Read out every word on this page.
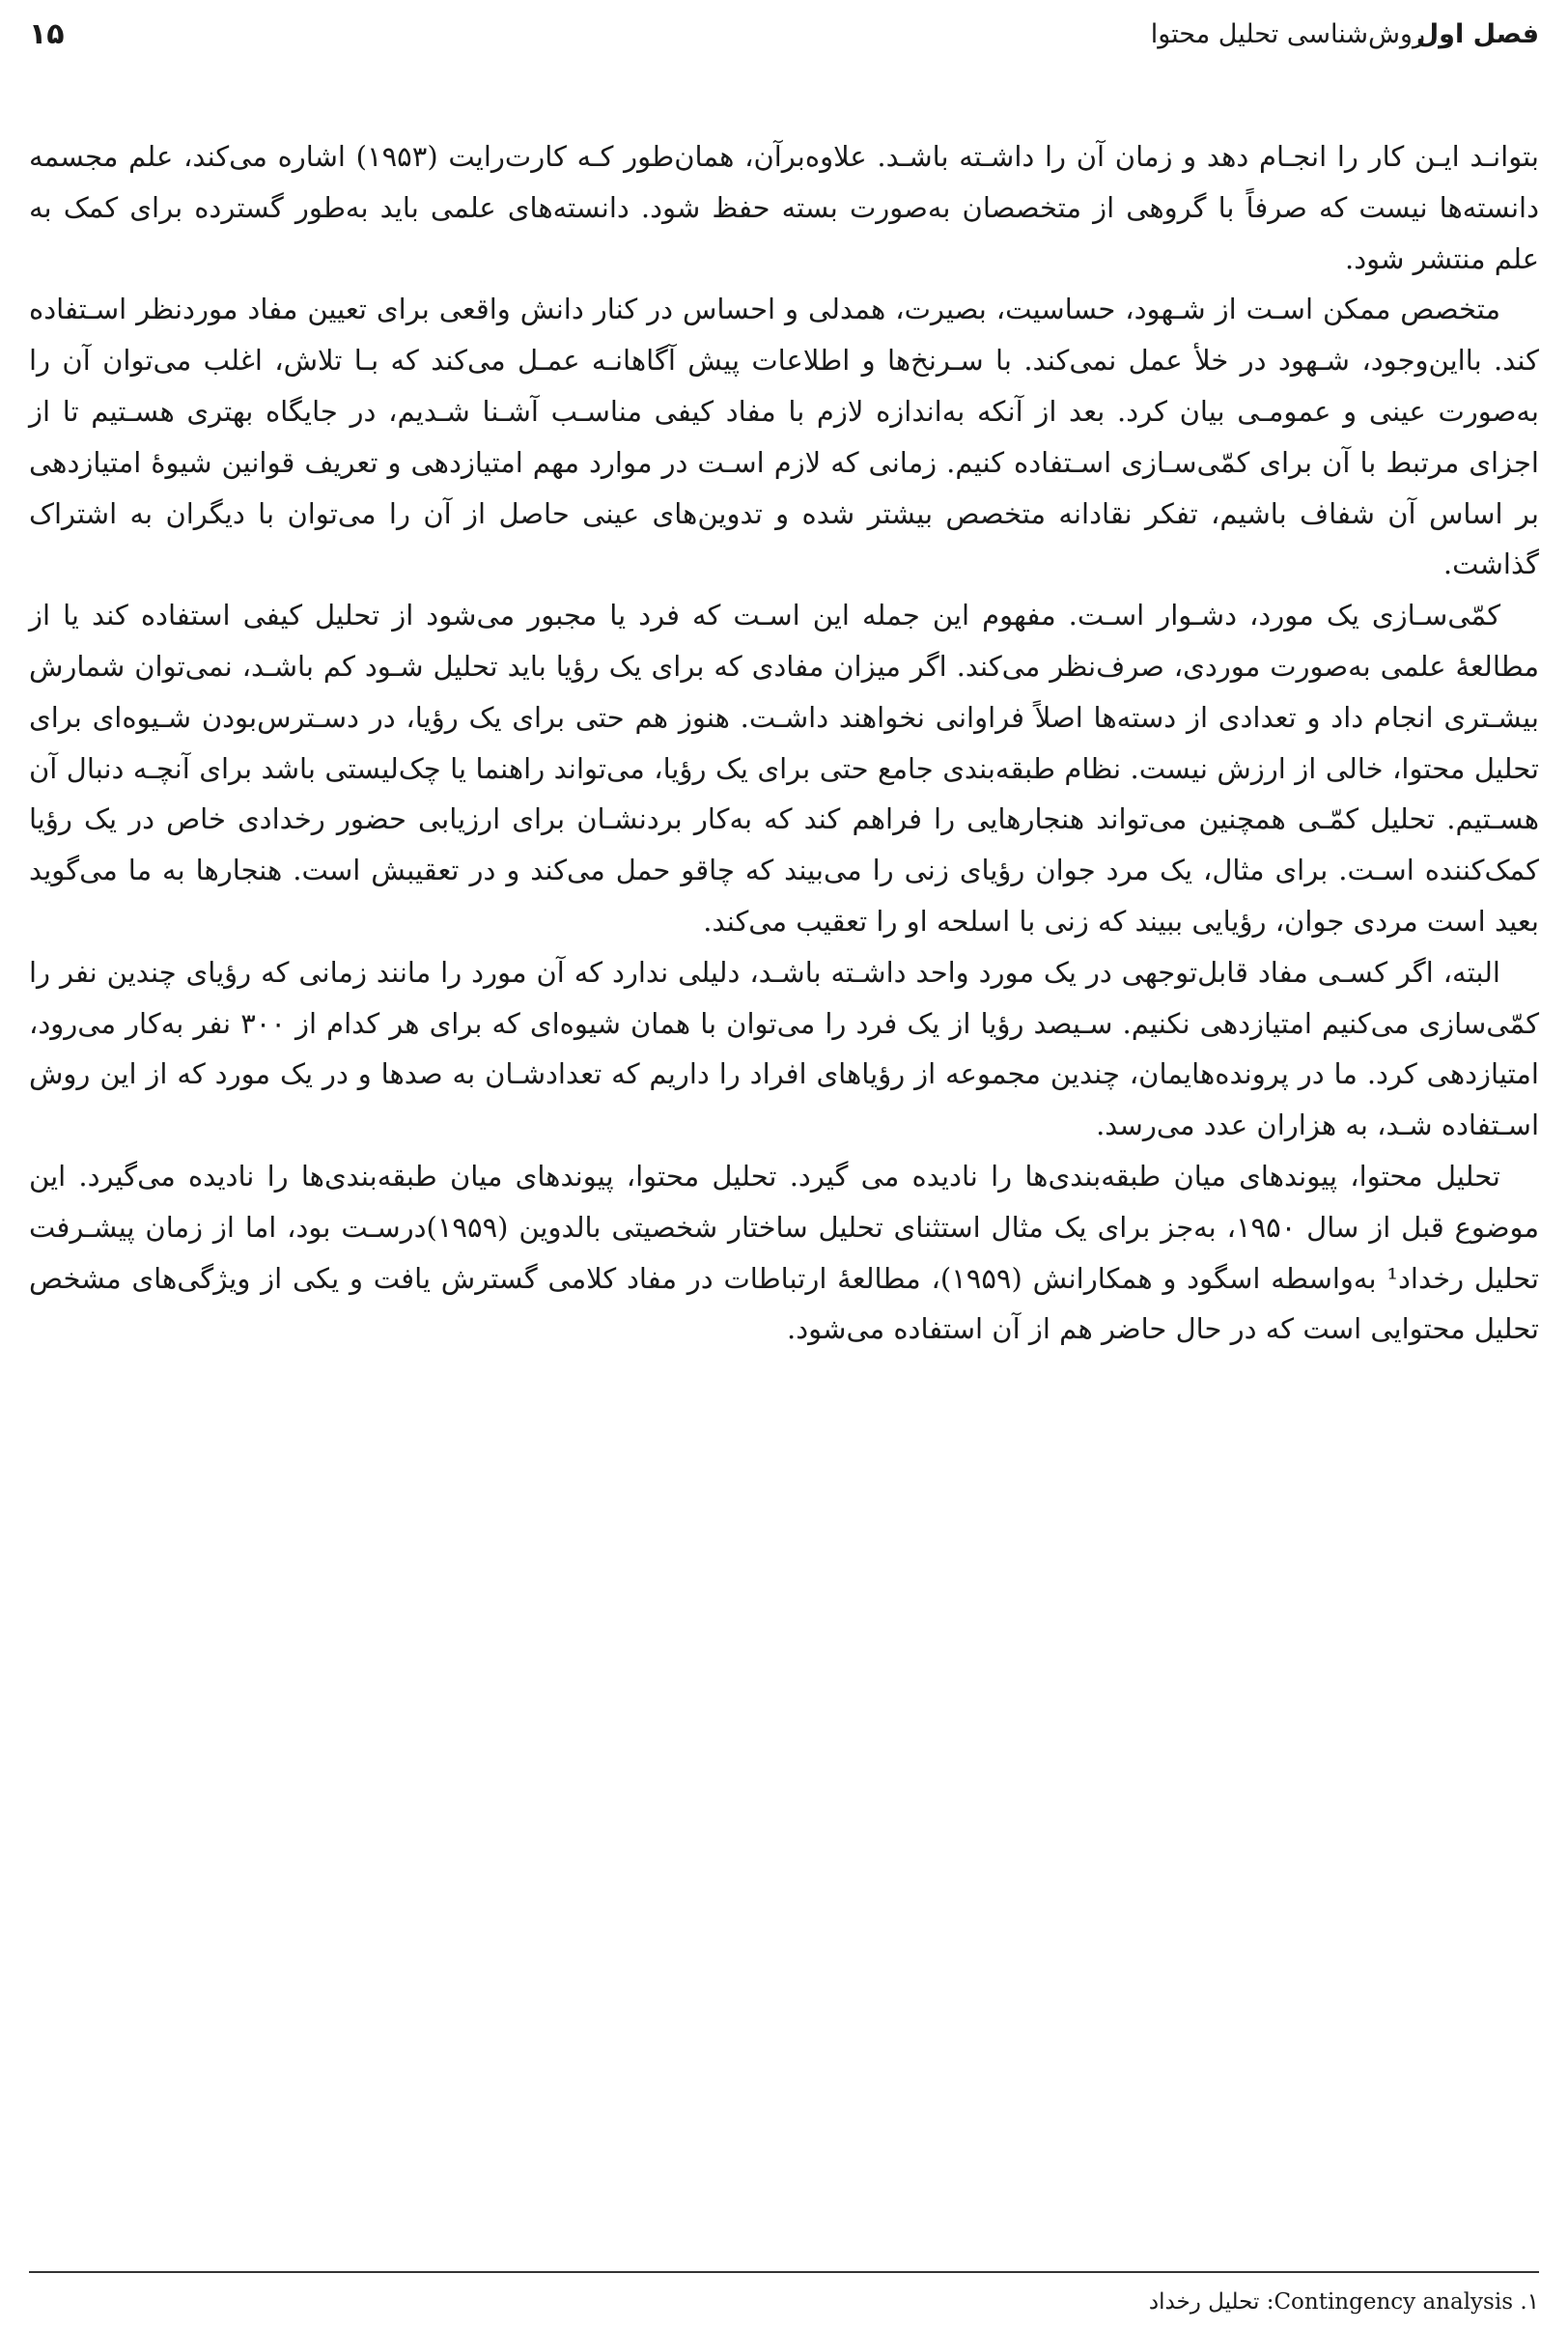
فصل اول
روش‌شناسی تحلیل محتوا
۱۵

بتوانـد ایـن کار را انجـام دهد و زمان آن را داشـته باشـد. علاوه‌برآن، همان‌طور کـه کارت‌رایت (۱۹۵۳) اشاره می‌کند، علم مجسمه دانسته‌ها نیست که صرفاً با گروهی از متخصصان به‌صورت بسته حفظ شود. دانسته‌های علمی باید به‌طور گسترده برای کمک به علم منتشر شود.

متخصص ممکن اسـت از شـهود، حساسیت، بصیرت، همدلی و احساس در کنار دانش واقعی برای تعیین مفاد موردنظر اسـتفاده کند. بااین‌وجود، شـهود در خلأ عمل نمی‌کند. با سـرنخ‌ها و اطلاعات پیش آگاهانـه عمـل می‌کند که بـا تلاش، اغلب می‌توان آن را به‌صورت عینی و عمومـی بیان کرد. بعد از آنکه به‌اندازه لازم با مفاد کیفی مناسـب آشـنا شـدیم، در جایگاه بهتری هسـتیم تا از اجزای مرتبط با آن برای کمّی‌سـازی اسـتفاده کنیم. زمانی که لازم اسـت در موارد مهم امتیازدهی و تعریف قوانین شیوۀ امتیازدهی بر اساس آن شفاف باشیم، تفکر نقادانه متخصص بیشتر شده و تدوین‌های عینی حاصل از آن را می‌توان با دیگران به اشتراک گذاشت.

کمّی‌سـازی یک مورد، دشـوار اسـت. مفهوم این جمله این اسـت که فرد یا مجبور می‌شود از تحلیل کیفی استفاده کند یا از مطالعۀ علمی به‌صورت موردی، صرف‌نظر می‌کند. اگر میزان مفادی که برای یک رؤیا باید تحلیل شـود کم باشـد، نمی‌توان شمارش بیشـتری انجام داد و تعدادی از دسته‌ها اصلاً فراوانی نخواهند داشـت. هنوز هم حتی برای یک رؤیا، در دسـترس‌بودن شـیوه‌ای برای تحلیل محتوا، خالی از ارزش نیست. نظام طبقه‌بندی جامع حتی برای یک رؤیا، می‌تواند راهنما یا چک‌لیستی باشد برای آنچـه دنبال آن هسـتیم. تحلیل کمّـی همچنین می‌تواند هنجارهایی را فراهم کند که به‌کار بردنشـان برای ارزیابی حضور رخدادی خاص در یک رؤیا کمک‌کننده اسـت. برای مثال، یک مرد جوان رؤیای زنی را می‌بیند که چاقو حمل می‌کند و در تعقیبش است. هنجارها به ما می‌گوید بعید است مردی جوان، رؤیایی ببیند که زنی با اسلحه او را تعقیب می‌کند.

البته، اگر کسـی مفاد قابل‌توجهی در یک مورد واحد داشـته باشـد، دلیلی ندارد که آن مورد را مانند زمانی که رؤیای چندین نفر را کمّی‌سازی می‌کنیم امتیازدهی نکنیم. سـیصد رؤیا از یک فرد را می‌توان با همان شیوه‌ای که برای هر کدام از ۳۰۰ نفر به‌کار می‌رود، امتیازدهی کرد. ما در پرونده‌هایمان، چندین مجموعه از رؤیاهای افراد را داریم که تعدادشـان به صدها و در یک مورد که از این روش اسـتفاده شـد، به هزاران عدد می‌رسد.

تحلیل محتوا، پیوندهای میان طبقه‌بندی‌ها را نادیده می گیرد. تحلیل محتوا، پیوندهای میان طبقه‌بندی‌ها را نادیده می‌گیرد. این موضوع قبل از سال ۱۹۵۰، به‌جز برای یک مثال استثنای تحلیل ساختار شخصیتی بالدوین (۱۹۵۹)درسـت بود، اما از زمان پیشـرفت تحلیل رخداد¹ به‌واسطه اسگود و همکارانش (۱۹۵۹)، مطالعۀ ارتباطات در مفاد کلامی گسترش یافت و یکی از ویژگی‌های مشخص تحلیل محتوایی است که در حال حاضر هم از آن استفاده می‌شود.

۱. Contingency analysis: تحلیل رخداد
